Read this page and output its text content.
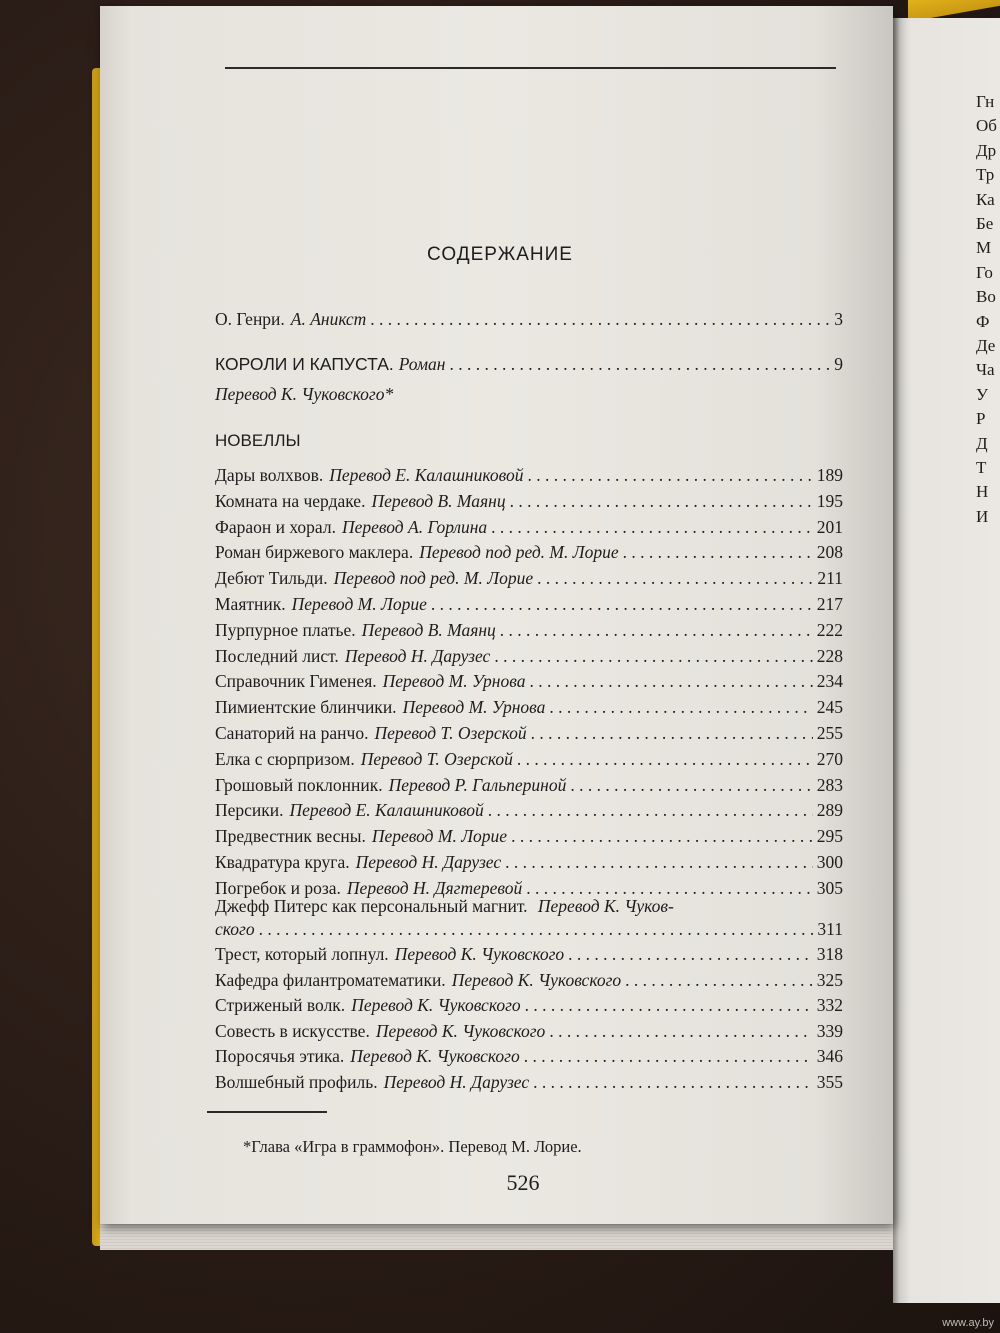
Гн
Об
Др
Тр
Ка
Бе
М
Го
Во
Ф
Де
Ча
У
Р
Д
Т
Н
И
СОДЕРЖАНИЕ
О. Генри. А. Аникст . . .	3
КОРОЛИ И КАПУСТА. Роман . . .	9
Перевод К. Чуковского*
НОВЕЛЛЫ
Дары волхвов. Перевод Е. Калашниковой . . .	189
Комната на чердаке. Перевод В. Маянц . . .	195
Фараон и хорал. Перевод А. Горлина . . .	201
Роман биржевого маклера. Перевод под ред. М. Лорие . . .	208
Дебют Тильди. Перевод под ред. М. Лорие . . .	211
Маятник. Перевод М. Лорие . . .	217
Пурпурное платье. Перевод В. Маянц . . .	222
Последний лист. Перевод Н. Дарузес . . .	228
Справочник Гименея. Перевод М. Урнова . . .	234
Пимиентские блинчики. Перевод М. Урнова . . .	245
Санаторий на ранчо. Перевод Т. Озерской . . .	255
Елка с сюрпризом. Перевод Т. Озерской . . .	270
Грошовый поклонник. Перевод Р. Гальпериной . . .	283
Персики. Перевод Е. Калашниковой . . .	289
Предвестник весны. Перевод М. Лорие . . .	295
Квадратура круга. Перевод Н. Дарузес . . .	300
Погребок и роза. Перевод Н. Дягтеревой . . .	305
Джефф Питерс как персональный магнит. Перевод К. Чуков-
ского . . .	311
Трест, который лопнул. Перевод К. Чуковского . . .	318
Кафедра филантроматематики. Перевод К. Чуковского . . .	325
Стриженый волк. Перевод К. Чуковского . . .	332
Совесть в искусстве. Перевод К. Чуковского . . .	339
Поросячья этика. Перевод К. Чуковского . . .	346
Волшебный профиль. Перевод Н. Дарузес . . .	355
*Глава «Игра в граммофон». Перевод М. Лорие.
526
www.ay.by
